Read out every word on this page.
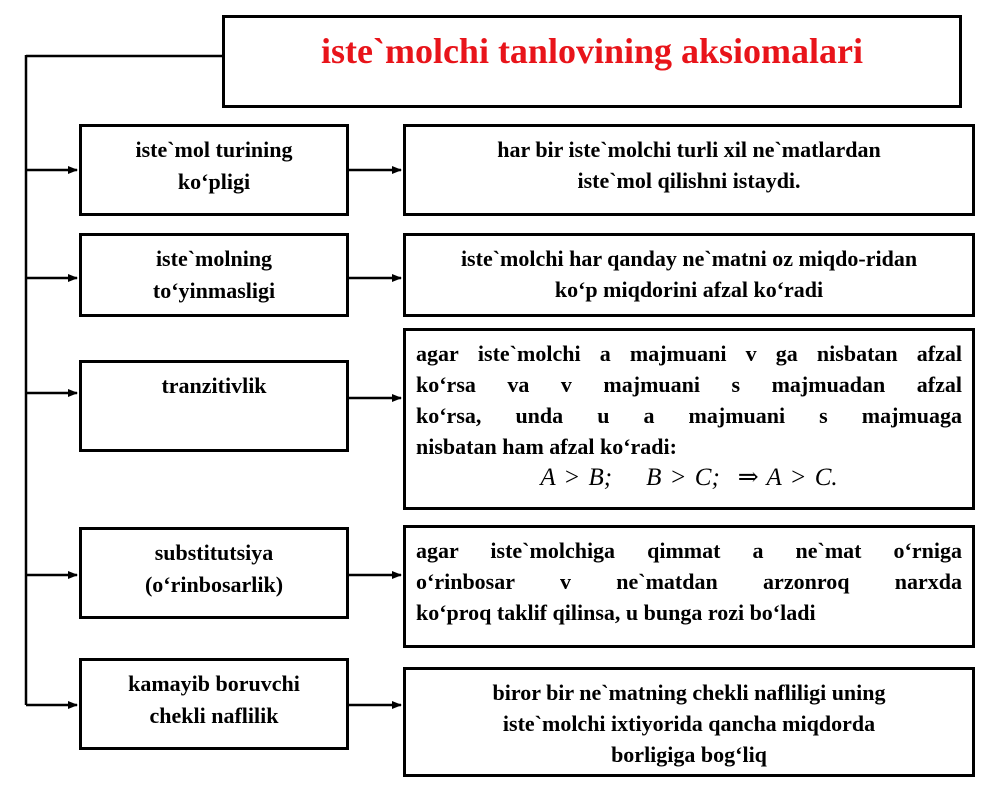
iste`molchi tanlovining aksiomalari
iste`mol turining
ko‘pligi
har bir iste`molchi turli xil ne`matlardan
iste`mol qilishni istaydi.
iste`molning
to‘yinmasligi
iste`molchi har qanday ne`matni oz miqdo-ridan
ko‘p miqdorini afzal ko‘radi
tranzitivlik
agar iste`molchi a majmuani v ga nisbatan afzal
ko‘rsa va v majmuani s majmuadan afzal
ko‘rsa, unda u a majmuani s majmuaga
nisbatan ham afzal ko‘radi:
A > B; B > C; ⇒ A > C.
substitutsiya
(o‘rinbosarlik)
agar iste`molchiga qimmat a ne`mat o‘rniga
o‘rinbosar v ne`matdan arzonroq narxda
ko‘proq taklif qilinsa, u bunga rozi bo‘ladi
kamayib boruvchi
chekli naflilik
biror bir ne`matning chekli nafliligi uning
iste`molchi ixtiyorida qancha miqdorda
borligiga bog‘liq
